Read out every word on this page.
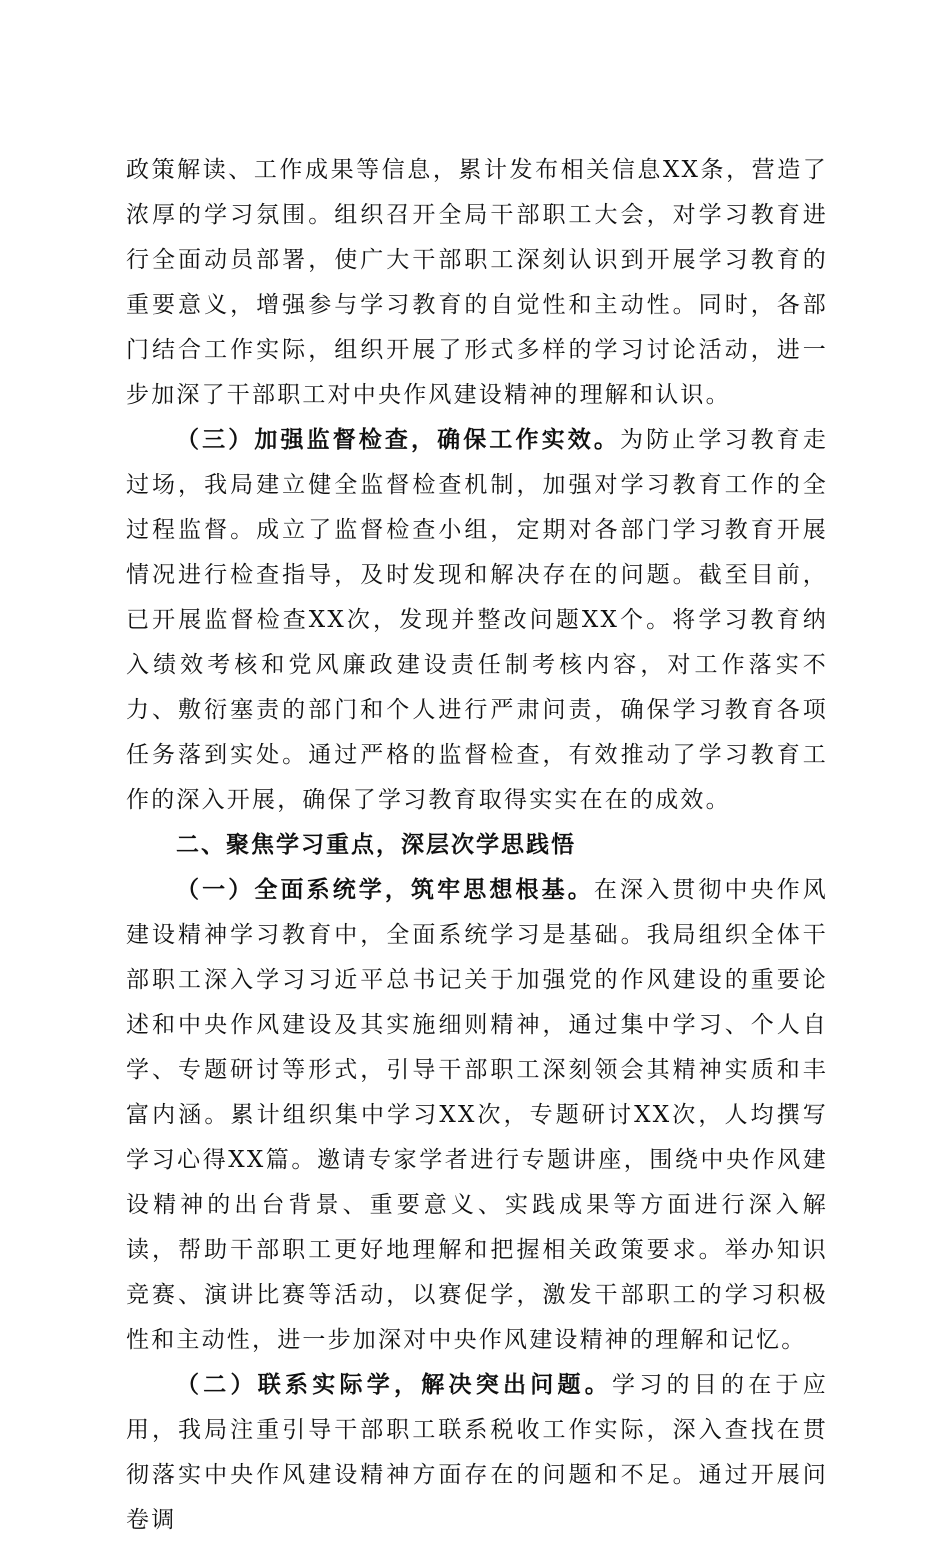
政策解读、工作成果等信息，累计发布相关信息XX条，营造了浓厚的学习氛围。组织召开全局干部职工大会，对学习教育进行全面动员部署，使广大干部职工深刻认识到开展学习教育的重要意义，增强参与学习教育的自觉性和主动性。同时，各部门结合工作实际，组织开展了形式多样的学习讨论活动，进一步加深了干部职工对中央作风建设精神的理解和认识。

（三）加强监督检查，确保工作实效。为防止学习教育走过场，我局建立健全监督检查机制，加强对学习教育工作的全过程监督。成立了监督检查小组，定期对各部门学习教育开展情况进行检查指导，及时发现和解决存在的问题。截至目前，已开展监督检查XX次，发现并整改问题XX个。将学习教育纳入绩效考核和党风廉政建设责任制考核内容，对工作落实不力、敷衍塞责的部门和个人进行严肃问责，确保学习教育各项任务落到实处。通过严格的监督检查，有效推动了学习教育工作的深入开展，确保了学习教育取得实实在在的成效。

二、聚焦学习重点，深层次学思践悟

（一）全面系统学，筑牢思想根基。在深入贯彻中央作风建设精神学习教育中，全面系统学习是基础。我局组织全体干部职工深入学习习近平总书记关于加强党的作风建设的重要论述和中央作风建设及其实施细则精神，通过集中学习、个人自学、专题研讨等形式，引导干部职工深刻领会其精神实质和丰富内涵。累计组织集中学习XX次，专题研讨XX次，人均撰写学习心得XX篇。邀请专家学者进行专题讲座，围绕中央作风建设精神的出台背景、重要意义、实践成果等方面进行深入解读，帮助干部职工更好地理解和把握相关政策要求。举办知识竞赛、演讲比赛等活动，以赛促学，激发干部职工的学习积极性和主动性，进一步加深对中央作风建设精神的理解和记忆。

（二）联系实际学，解决突出问题。学习的目的在于应用，我局注重引导干部职工联系税收工作实际，深入查找在贯彻落实中央作风建设精神方面存在的问题和不足。通过开展问卷调
